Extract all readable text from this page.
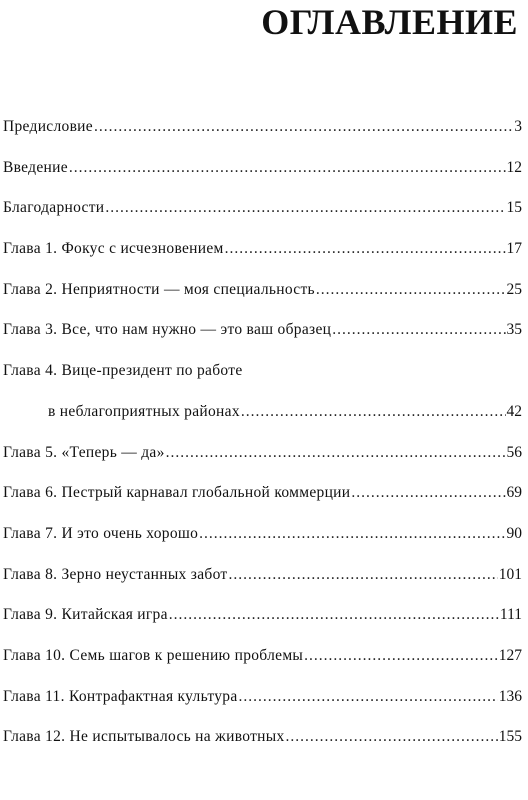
ОГЛАВЛЕНИЕ
Предисловие .....	3
Введение .....	12
Благодарности .....	15
Глава 1. Фокус с исчезновением .....	17
Глава 2. Неприятности — моя специальность .....	25
Глава 3. Все, что нам нужно — это ваш образец .....	35
Глава 4. Вице-президент по работе
в неблагоприятных районах .....	42
Глава 5. «Теперь — да» .....	56
Глава 6. Пестрый карнавал глобальной коммерции .....	69
Глава 7. И это очень хорошо .....	90
Глава 8. Зерно неустанных забот .....	101
Глава 9. Китайская игра .....	111
Глава 10. Семь шагов к решению проблемы .....	127
Глава 11. Контрафактная культура .....	136
Глава 12. Не испытывалось на животных .....	155
